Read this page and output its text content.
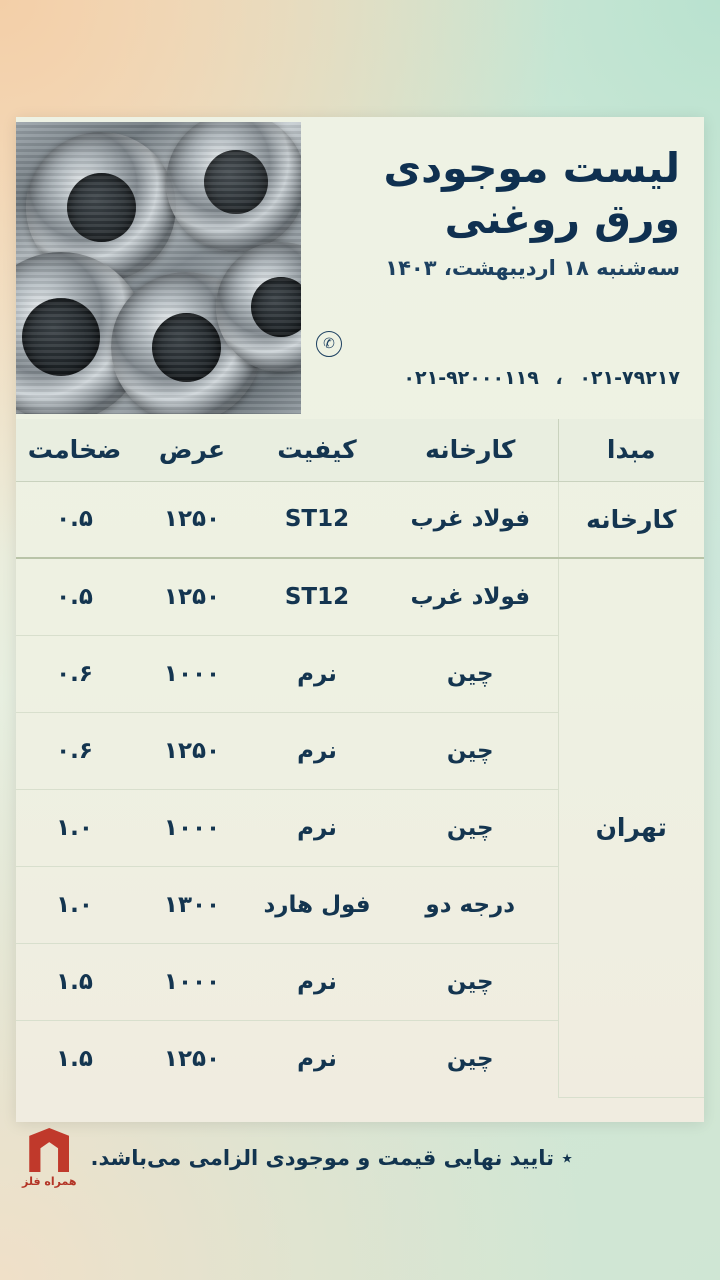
لیست موجودی
ورق روغنی
سه‌شنبه ۱۸ اردیبهشت، ۱۴۰۳
✆
۰۲۱-۷۹۲۱۷ ، ۰۲۱-۹۲۰۰۰۱۱۹
مبدا	کارخانه	کیفیت	عرض	ضخامت
کارخانه	فولاد غرب	ST12	۱۲۵۰	۰.۵
تهران	فولاد غرب	ST12	۱۲۵۰	۰.۵
	چین	نرم	۱۰۰۰	۰.۶
	چین	نرم	۱۲۵۰	۰.۶
	چین	نرم	۱۰۰۰	۱.۰
	درجه دو	فول هارد	۱۳۰۰	۱.۰
	چین	نرم	۱۰۰۰	۱.۵
	چین	نرم	۱۲۵۰	۱.۵
٭ تایید نهایی قیمت و موجودی الزامی می‌باشد.
همراه فلز
